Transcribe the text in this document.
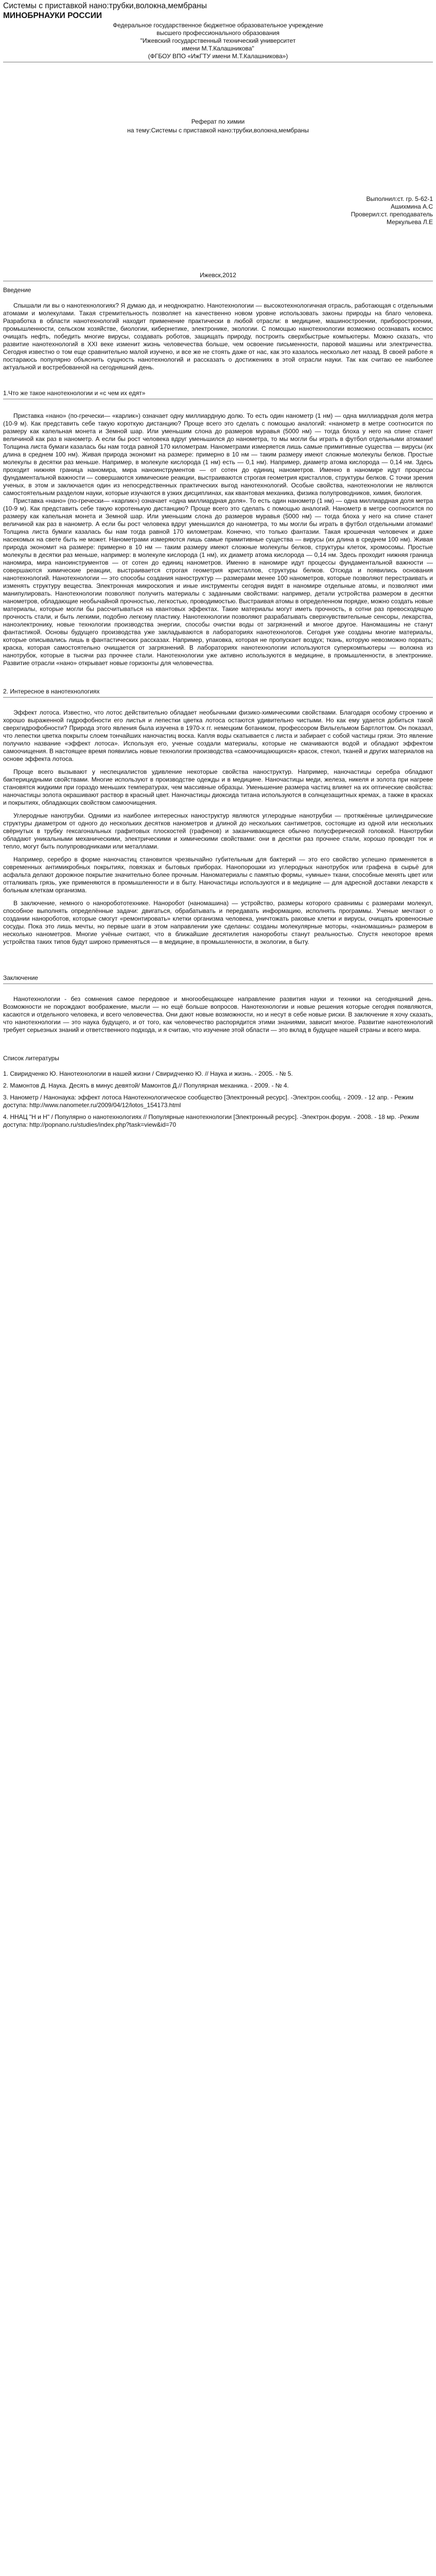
Системы с приставкой нано:трубки,волокна,мембраны
МИНОБРНАУКИ РОССИИ
Федеральное государственное бюджетное образовательное учреждение
высшего профессионального образования
"Ижевский государственный технический университет
имени М.Т.Калашникова"
(ФГБОУ ВПО «ИжГТУ имени М.Т.Калашникова»)
Реферат по химии
на тему:Системы с приставкой нано:трубки,волокна,мембраны
Выполнил:ст. гр. 5-62-1
Ашихмина А.С
Проверил:ст. преподаватель
Меркульева Л.Е
Ижевск,2012
Введение

Спышали ли вы о нанотехнологиях? Я думаю да, и неоднократно. Нанотехнологии — высокотехнологичная отрасль, работающая с отдельными атомами и молекулами. Такая стремительность позволяет на качественно новом уровне использовать законы природы на благо человека. Разработка в области нанотехнологий находит применение практически в любой отрасли: в медицине, машиностроении, приборостроении, промышленности, сельском хозяйстве, биологии, кибернетике, электронике, экологии. С помощью нанотехнологии возможно осознавать космос очищать нефть, победить многие вирусы, создавать роботов, защищать природу, построить сверхбыстрые компьютеры. Можно сказать, что развитие нанотехнологий в XXI веке изменит жизнь человечества больше, чем освоение письменности, паровой машины или электричества. Сегодня известно о том еще сравнительно малой изучено, и все же не стоять даже от нас, как это казалось несколько лет назад. В своей работе я постараюсь популярно объяснить сущность нанотехнологий и рассказать о достижениях в этой отрасли науки. Так как считаю ее наиболее актуальной и востребованной на сегодняшний день.

1.Что же такое нанотехнологии и «с чем их едят»

Приставка «нано» (по-гречески— «карлик») означает одну миллиардную долю. То есть один нанометр (1 нм) — одна миллиардная доля метра (10-9 м). Как представить себе такую короткую дистанцию? Проще всего это сделать с помощью аналогий: «нанометр в метре соотносится по размеру как капельная монета и Земной шар. Или уменьшим слона до размеров муравья (5000 нм) — тогда блоха у него на спине станет величиной как раз в нанометр. А если бы рост человека вдруг уменьшился до нанометра, то мы могли бы играть в футбол отдельными атомами! Толщина листа бумаги казалась бы нам тогда равной 170 километрам. Нанометрами измеряется лишь самые примитивные существа — вирусы (их длина в среднем 100 нм). Живая природа экономит на размере: примерно в 10 нм — таким размеру имеют сложные молекулы белков. Простые молекулы в десятки раз меньше. Например, в молекуле кислорода (1 нм) есть — 0,1 нм). Например, диаметр атома кислорода — 0,14 нм. Здесь проходит нижняя граница наномира, мира наноинструментов — от сотен до единиц нанометров. Именно в наномире идут процессы фундаментальной важности — совершаются химические реакции, выстраиваются строгая геометрия кристаллов, структуры белков. С точки зрения ученых, в этом и заключается один из непосредственных практических выгод нанотехнологий. Особые свойства, нанотехнологии не являются самостоятельным разделом науки, которые изучаются в узких дисциплинах, как квантовая механика, физика полупроводников, химия, биология.

Приставка «нано» (по-гречески— «карлик») означает «одна миллиардная доля». То есть один нанометр (1 нм) — одна миллиардная доля метра (10-9 м). Как представить себе такую коротенькую дистанцию? Проще всего это сделать с помощью аналогий. Нанометр в метре соотносится по размеру как капельная монета и Земной шар. Или уменьшим слона до размеров муравья (5000 нм) — тогда блоха у него на спине станет величиной как раз в нанометр. А если бы рост человека вдруг уменьшился до нанометра, то мы могли бы играть в футбол отдельными атомами! Толщина листа бумаги казалась бы нам тогда равной 170 километрам. Конечно, что только фантазии. Такая крошечная человечек и даже насекомых на свете быть не может. Нанометрами измеряются лишь самые примитивные существа — вирусы (их длина в среднем 100 нм). Живая природа экономит на размере: примерно в 10 нм — таким размеру имеют сложные молекулы белков, структуры клеток, хромосомы. Простые молекулы в десятки раз меньше, например: в молекуле кислорода (1 нм), их диаметр атома кислорода — 0,14 нм. Здесь проходит нижняя граница наномира, мира наноинструментов — от сотен до единиц нанометров. Именно в наномире идут процессы фундаментальной важности — совершаются химические реакции, выстраивается строгая геометрия кристаллов, структуры белков. Отсюда и появились основания нанотехнологий. Нанотехнологии — это способы создания наноструктур — размерами менее 100 нанометров, которые позволяют перестраивать и изменять структуру вещества. Электронная микроскопия и иные инструменты сегодня видят в наномире отдельные атомы, и позволяют ими манипулировать. Нанотехнологии позволяют получить материалы с заданными свойствами: например, детали устройства размером в десятки нанометров, обладающие необычайной прочностью, легкостью, проводимостью. Выстраивая атомы в определенном порядке, можно создать новые материалы, которые могли бы рассчитываться на квантовых эффектах. Такие материалы могут иметь прочность, в сотни раз превосходящую прочность стали, и быть легкими, подобно легкому пластику. Нанотехнологии позволяют разрабатывать сверхчувствительные сенсоры, лекарства, наноэлектронику, новые технологии производства энергии, способы очистки воды от загрязнений и многое другое. Наномашины не станут фантастикой. Основы будущего производства уже закладываются в лабораториях нанотехнологов. Сегодня уже созданы многие материалы, которые описывались лишь в фантастических рассказах. Например, упаковка, которая не пропускает воздух; ткань, которую невозможно порвать; краска, которая самостоятельно очищается от загрязнений. В лабораториях нанотехнологии используются суперкомпьютеры — волокна из нанотрубок, которые в тысячи раз прочнее стали. Нанотехнологии уже активно используются в медицине, в промышленности, в электронике. Развитие отрасли «нано» открывает новые горизонты для человечества.

2. Интересное в нанотехнологиях

Эффект лотоса. Известно, что лотос действительно обладает необычными физико-химическими свойствами. Благодаря особому строению и хорошо выраженной гидрофобности его листья и лепестки цветка лотоса остаются удивительно чистыми. Но как ему удается добиться такой сверхгидрофобности? Природа этого явления была изучена в 1970-х гг. немецким ботаником, профессором Вильгельмом Бартлоттом. Он показал, что лепестки цветка покрыты слоем тончайших наночастиц воска. Капля воды скатывается с листа и забирает с собой частицы грязи. Это явление получило название «эффект лотоса». Используя его, ученые создали материалы, которые не смачиваются водой и обладают эффектом самоочищения. В настоящее время появились новые технологии производства «самоочищающихся» красок, стекол, тканей и других материалов на основе эффекта лотоса.

Проще всего вызывают у неспециалистов удивление некоторые свойства наноструктур. Например, наночастицы серебра обладают бактерицидными свойствами. Многие используют в производстве одежды и в медицине. Наночастицы меди, железа, никеля и золота при нагреве становятся жидкими при гораздо меньших температурах, чем массивные образцы. Уменьшение размера частиц влияет на их оптические свойства: наночастицы золота окрашивают раствор в красный цвет. Наночастицы диоксида титана используются в солнцезащитных кремах, а также в красках и покрытиях, обладающих свойством самоочищения.

Углеродные нанотрубки. Одними из наиболее интересных наноструктур являются углеродные нанотрубки — протяжённые цилиндрические структуры диаметром от одного до нескольких десятков нанометров и длиной до нескольких сантиметров, состоящие из одной или нескольких свёрнутых в трубку гексагональных графитовых плоскостей (графенов) и заканчивающиеся обычно полусферической головкой. Нанотрубки обладают уникальными механическими, электрическими и химическими свойствами: они в десятки раз прочнее стали, хорошо проводят ток и тепло, могут быть полупроводниками или металлами.

Например, серебро в форме наночастиц становится чрезвычайно губительным для бактерий — это его свойство успешно применяется в современных антимикробных покрытиях, повязках и бытовых приборах. Нанопорошки из углеродных нанотрубок или графена в сырьё для асфальта делают дорожное покрытие значительно более прочным. Наноматериалы с памятью формы, «умные» ткани, способные менять цвет или отталкивать грязь, уже применяются в промышленности и в быту. Наночастицы используются и в медицине — для адресной доставки лекарств к больным клеткам организма.

В заключение, немного о наноробототехнике. Наноробот (наномашина) — устройство, размеры которого сравнимы с размерами молекул, способное выполнять определённые задачи: двигаться, обрабатывать и передавать информацию, исполнять программы. Ученые мечтают о создании нанороботов, которые смогут «ремонтировать» клетки организма человека, уничтожать раковые клетки и вирусы, очищать кровеносные сосуды. Пока это лишь мечты, но первые шаги в этом направлении уже сделаны: созданы молекулярные моторы, «наномашины» размером в несколько нанометров. Многие учёные считают, что в ближайшие десятилетия нанороботы станут реальностью. Спустя некоторое время устройства таких типов будут широко применяться — в медицине, в промышленности, в экологии, в быту.

Заключение

Нанотехнологии - без сомнения самое передовое и многообещающее направление развития науки и техники на сегодняшний день. Возможности не порождают воображение, мысли — но ещё больше вопросов. Нанотехнологии и новые решения которые сегодня появляются, касаются и отдельного человека, и всего человечества. Они дают новые возможности, но и несут в себе новые риски. В заключение я хочу сказать, что нанотехнологии — это наука будущего, и от того, как человечество распорядится этими знаниями, зависит многое. Развитие нанотехнологий требует серьезных знаний и ответственного подхода, и я считаю, что изучение этой области — это вклад в будущее нашей страны и всего мира.

Список литературы
1. Свиридченко Ю. Нанотехнологии в нашей жизни / Свиридченко Ю. // Наука и жизнь. - 2005. - № 5.
2. Мамонтов Д. Наука. Десять в минус девятой/ Мамонтов Д.// Популярная механика. - 2009. - № 4.
3. Нанометр / Нанонаука: эффект лотоса Нанотехнологическое сообщество [Электронный ресурс]. -Электрон.сообщ. - 2009. - 12 апр. - Режим доступа: http://www.nanometer.ru/2009/04/12/lotos_154173.html
4. ННАЦ "Н и Н" / Популярно о нанотехнологиях // Популярные нанотехнологии [Электронный ресурс]. -Электрон.форум. - 2008. - 18 мр. -Режим доступа: http://popnano.ru/studies/index.php?task=view&id=70
